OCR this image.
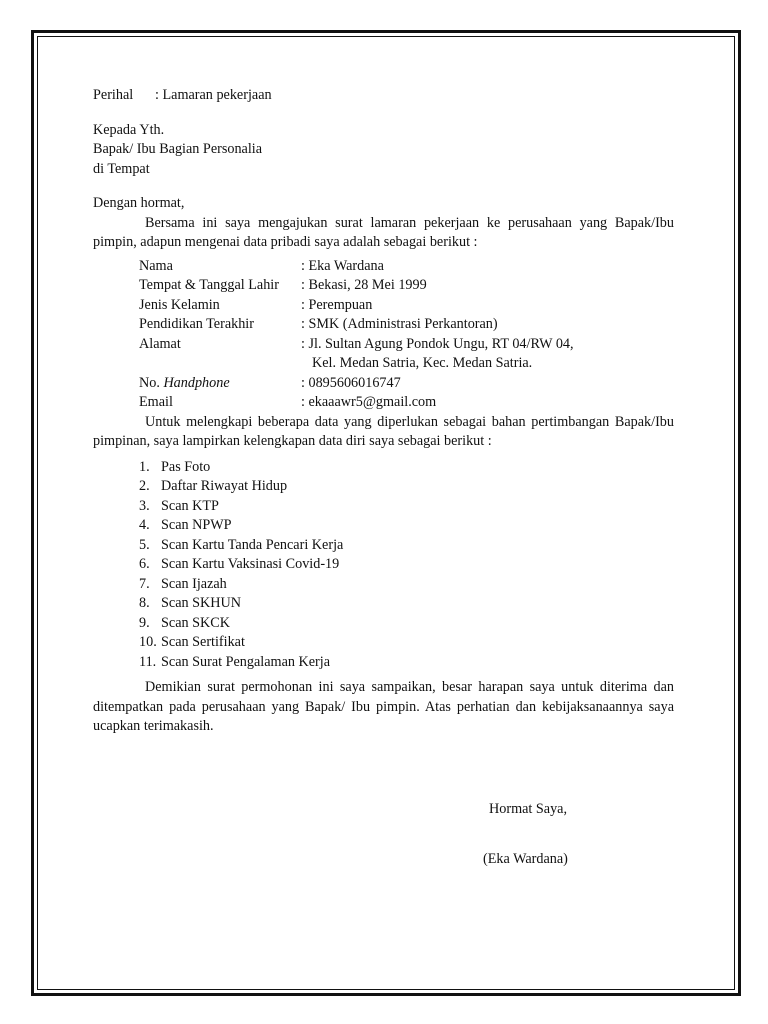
Perihal	: Lamaran pekerjaan

Kepada Yth.

Bapak/ Ibu Bagian Personalia

di Tempat

Dengan hormat,

Bersama ini saya mengajukan surat lamaran pekerjaan ke perusahaan yang Bapak/Ibu pimpin, adapun mengenai data pribadi saya adalah sebagai berikut :

Nama	: Eka Wardana
Tempat & Tanggal Lahir	: Bekasi, 28 Mei 1999
Jenis Kelamin	: Perempuan
Pendidikan Terakhir	: SMK (Administrasi Perkantoran)
Alamat	: Jl. Sultan Agung Pondok Ungu, RT 04/RW 04,
Kel. Medan Satria, Kec. Medan Satria.
No. Handphone	: 0895606016747
Email	: ekaaawr5@gmail.com

Untuk melengkapi beberapa data yang diperlukan sebagai bahan pertimbangan Bapak/Ibu pimpinan, saya lampirkan kelengkapan data diri saya sebagai berikut :

1. Pas Foto
2. Daftar Riwayat Hidup
3. Scan KTP
4. Scan NPWP
5. Scan Kartu Tanda Pencari Kerja
6. Scan Kartu Vaksinasi Covid-19
7. Scan Ijazah
8. Scan SKHUN
9. Scan SKCK
10. Scan Sertifikat
11. Scan Surat Pengalaman Kerja

Demikian surat permohonan ini saya sampaikan, besar harapan saya untuk diterima dan ditempatkan pada perusahaan yang Bapak/ Ibu pimpin. Atas perhatian dan kebijaksanaannya saya ucapkan terimakasih.

Hormat Saya,
(Eka Wardana)
